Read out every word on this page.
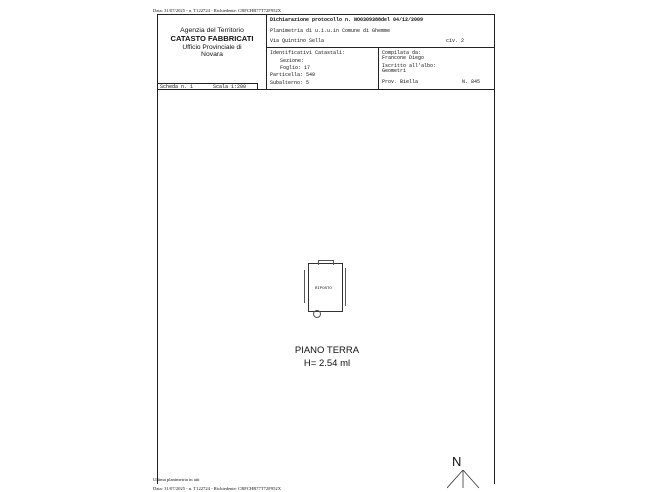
Data: 31/07/2025 - n. T122724 - Richiedente: CRFCHR77T72F952X
Agenzia del Territorio
CATASTO FABBRICATI
Ufficio Provinciale di
Novara
Dichiarazione protocollo n. NO0309388del 04/12/2009
Planimetria di u.i.u.in Comune di Ghemme
Via Quintino Sella	civ. 2
Identificativi Catastali:
Sezione:
Foglio: 17
Particella: 549
Subalterno: 5
Compilata da:
Francone Diego
Iscritto all'albo:
Geometri
Prov. Biella	N. 845
Scheda n. 1	Scala 1:200
RIPOSTO
PIANO TERRA
H= 2.54 ml
N
Ultima planimetria in atti
Data: 31/07/2025 - n. T122724 - Richiedente: CRFCHR77T72F952X
